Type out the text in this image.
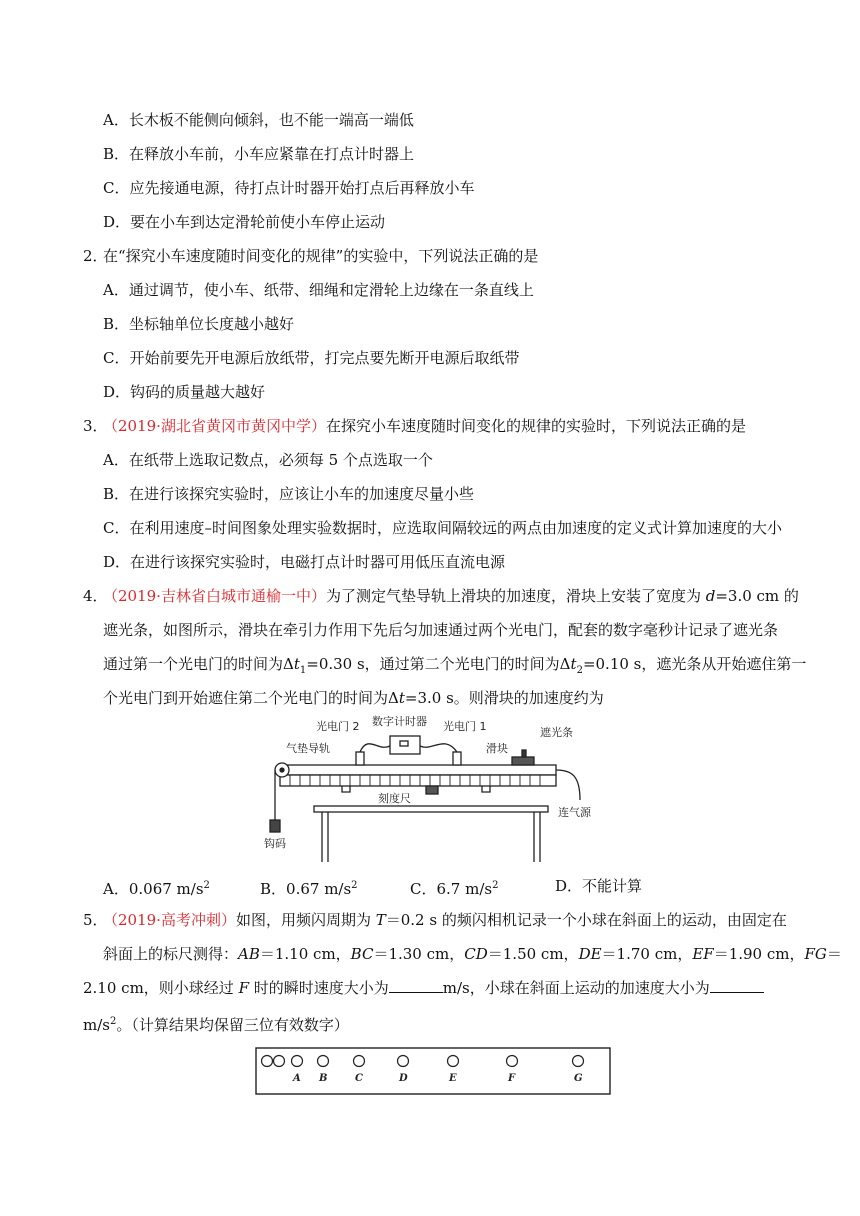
A．长木板不能侧向倾斜，也不能一端高一端低
B．在释放小车前，小车应紧靠在打点计时器上
C．应先接通电源，待打点计时器开始打点后再释放小车
D．要在小车到达定滑轮前使小车停止运动
2．
在“探究小车速度随时间变化的规律”的实验中，下列说法正确的是
A．通过调节，使小车、纸带、细绳和定滑轮上边缘在一条直线上
B．坐标轴单位长度越小越好
C．开始前要先开电源后放纸带，打完点要先断开电源后取纸带
D．钩码的质量越大越好
3．
（2019·湖北省黄冈市黄冈中学）在探究小车速度随时间变化的规律的实验时，下列说法正确的是
A．在纸带上选取记数点，必须每 5 个点选取一个
B．在进行该探究实验时，应该让小车的加速度尽量小些
C．在利用速度–时间图象处理实验数据时，应选取间隔较远的两点由加速度的定义式计算加速度的大小
D．在进行该探究实验时，电磁打点计时器可用低压直流电源
4．
（2019·吉林省白城市通榆一中）为了测定气垫导轨上滑块的加速度，滑块上安装了宽度为 d=3.0 cm 的
遮光条，如图所示，滑块在牵引力作用下先后匀加速通过两个光电门，配套的数字毫秒计记录了遮光条
通过第一个光电门的时间为$\Delta t_1=0.30$ s，通过第二个光电门的时间为$\Delta t_2=0.10$ s，遮光条从开始遮住第一
个光电门到开始遮住第二个光电门的时间为Δt=3.0 s。则滑块的加速度约为
光电门 2 数字计时器 光电门 1
气垫导轨	滑块
遮光条
刻度尺
连气源
钩码
A．0.067 $m/s^2$	B．0.67 $m/s^2$	C．6.7 $m/s^2$	D．不能计算
5．
（2019·高考冲刺）如图，用频闪周期为 T＝0.2 s 的频闪相机记录一个小球在斜面上的运动，由固定在
斜面上的标尺测得：AB＝1.10 cm，BC＝1.30 cm，CD＝1.50 cm，DE＝1.70 cm，EF＝1.90 cm，FG＝
2.10 cm，则小球经过 F 时的瞬时速度大小为	m/s，小球在斜面上运动的加速度大小为
$m/s^2$。（计算结果均保留三位有效数字）
A B	C	D	E	F	G
